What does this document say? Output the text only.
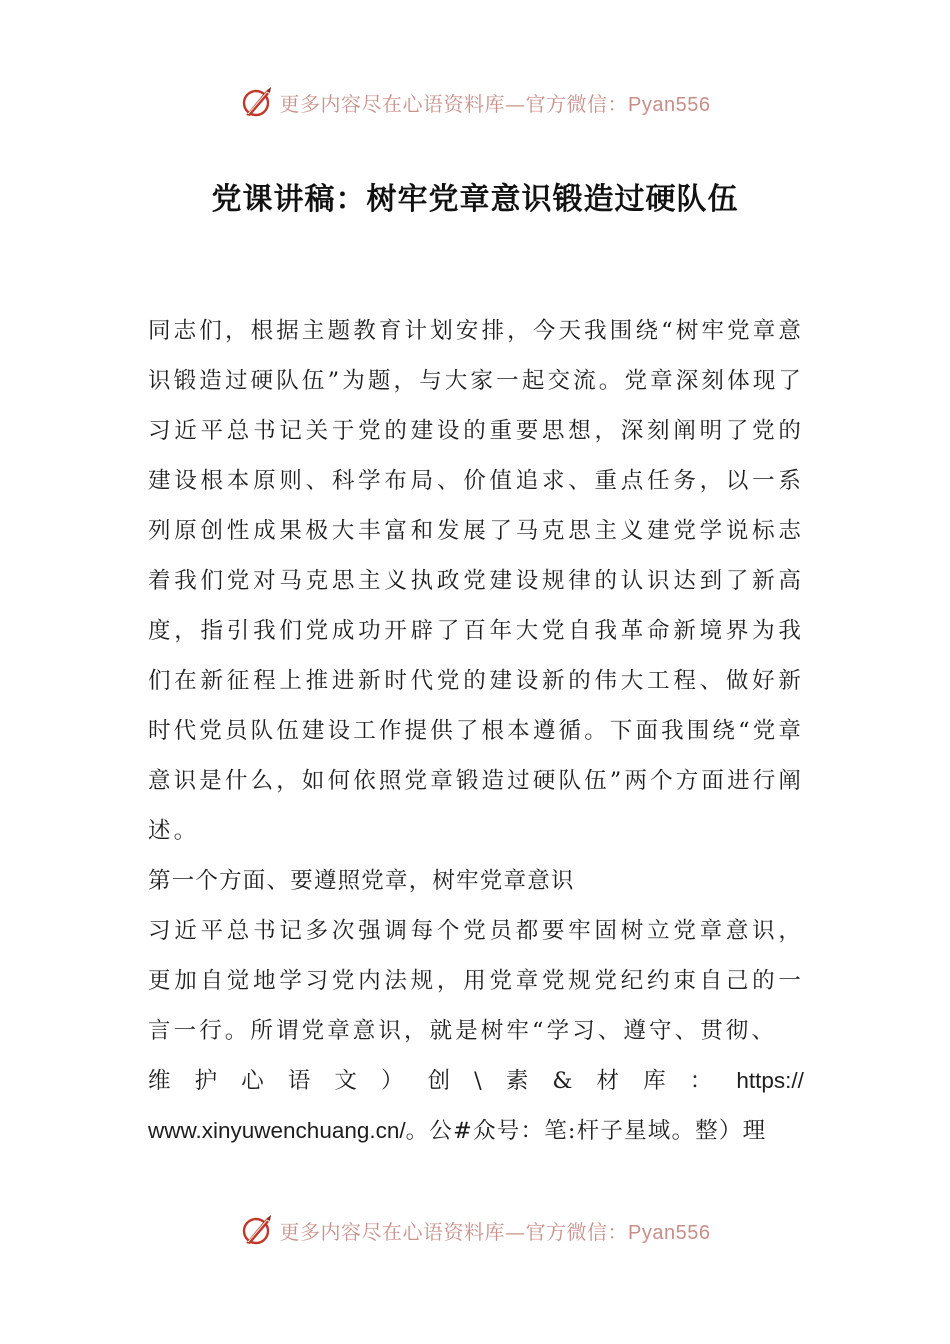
更多内容尽在心语资料库—官方微信：Pyan556
党课讲稿：树牢党章意识锻造过硬队伍

同志们，根据主题教育计划安排，今天我围绕“树牢党章意识锻造过硬队伍”为题，与大家一起交流。党章深刻体现了习近平总书记关于党的建设的重要思想，深刻阐明了党的建设根本原则、科学布局、价值追求、重点任务，以一系列原创性成果极大丰富和发展了马克思主义建党学说标志着我们党对马克思主义执政党建设规律的认识达到了新高度，指引我们党成功开辟了百年大党自我革命新境界为我们在新征程上推进新时代党的建设新的伟大工程、做好新时代党员队伍建设工作提供了根本遵循。下面我围绕“党章意识是什么，如何依照党章锻造过硬队伍”两个方面进行阐述。

第一个方面、要遵照党章，树牢党章意识

习近平总书记多次强调每个党员都要牢固树立党章意识，更加自觉地学习党内法规，用党章党规党纪约束自己的一言一行。所谓党章意识，就是树牢“学习、遵守、贯彻、

维 护 心 语 文 ） 创 \ 素 & 材 库 ： https://
www.xinyuwenchuang.cn/。公#众号：笔:杆子星域。整）理
更多内容尽在心语资料库—官方微信：Pyan556
